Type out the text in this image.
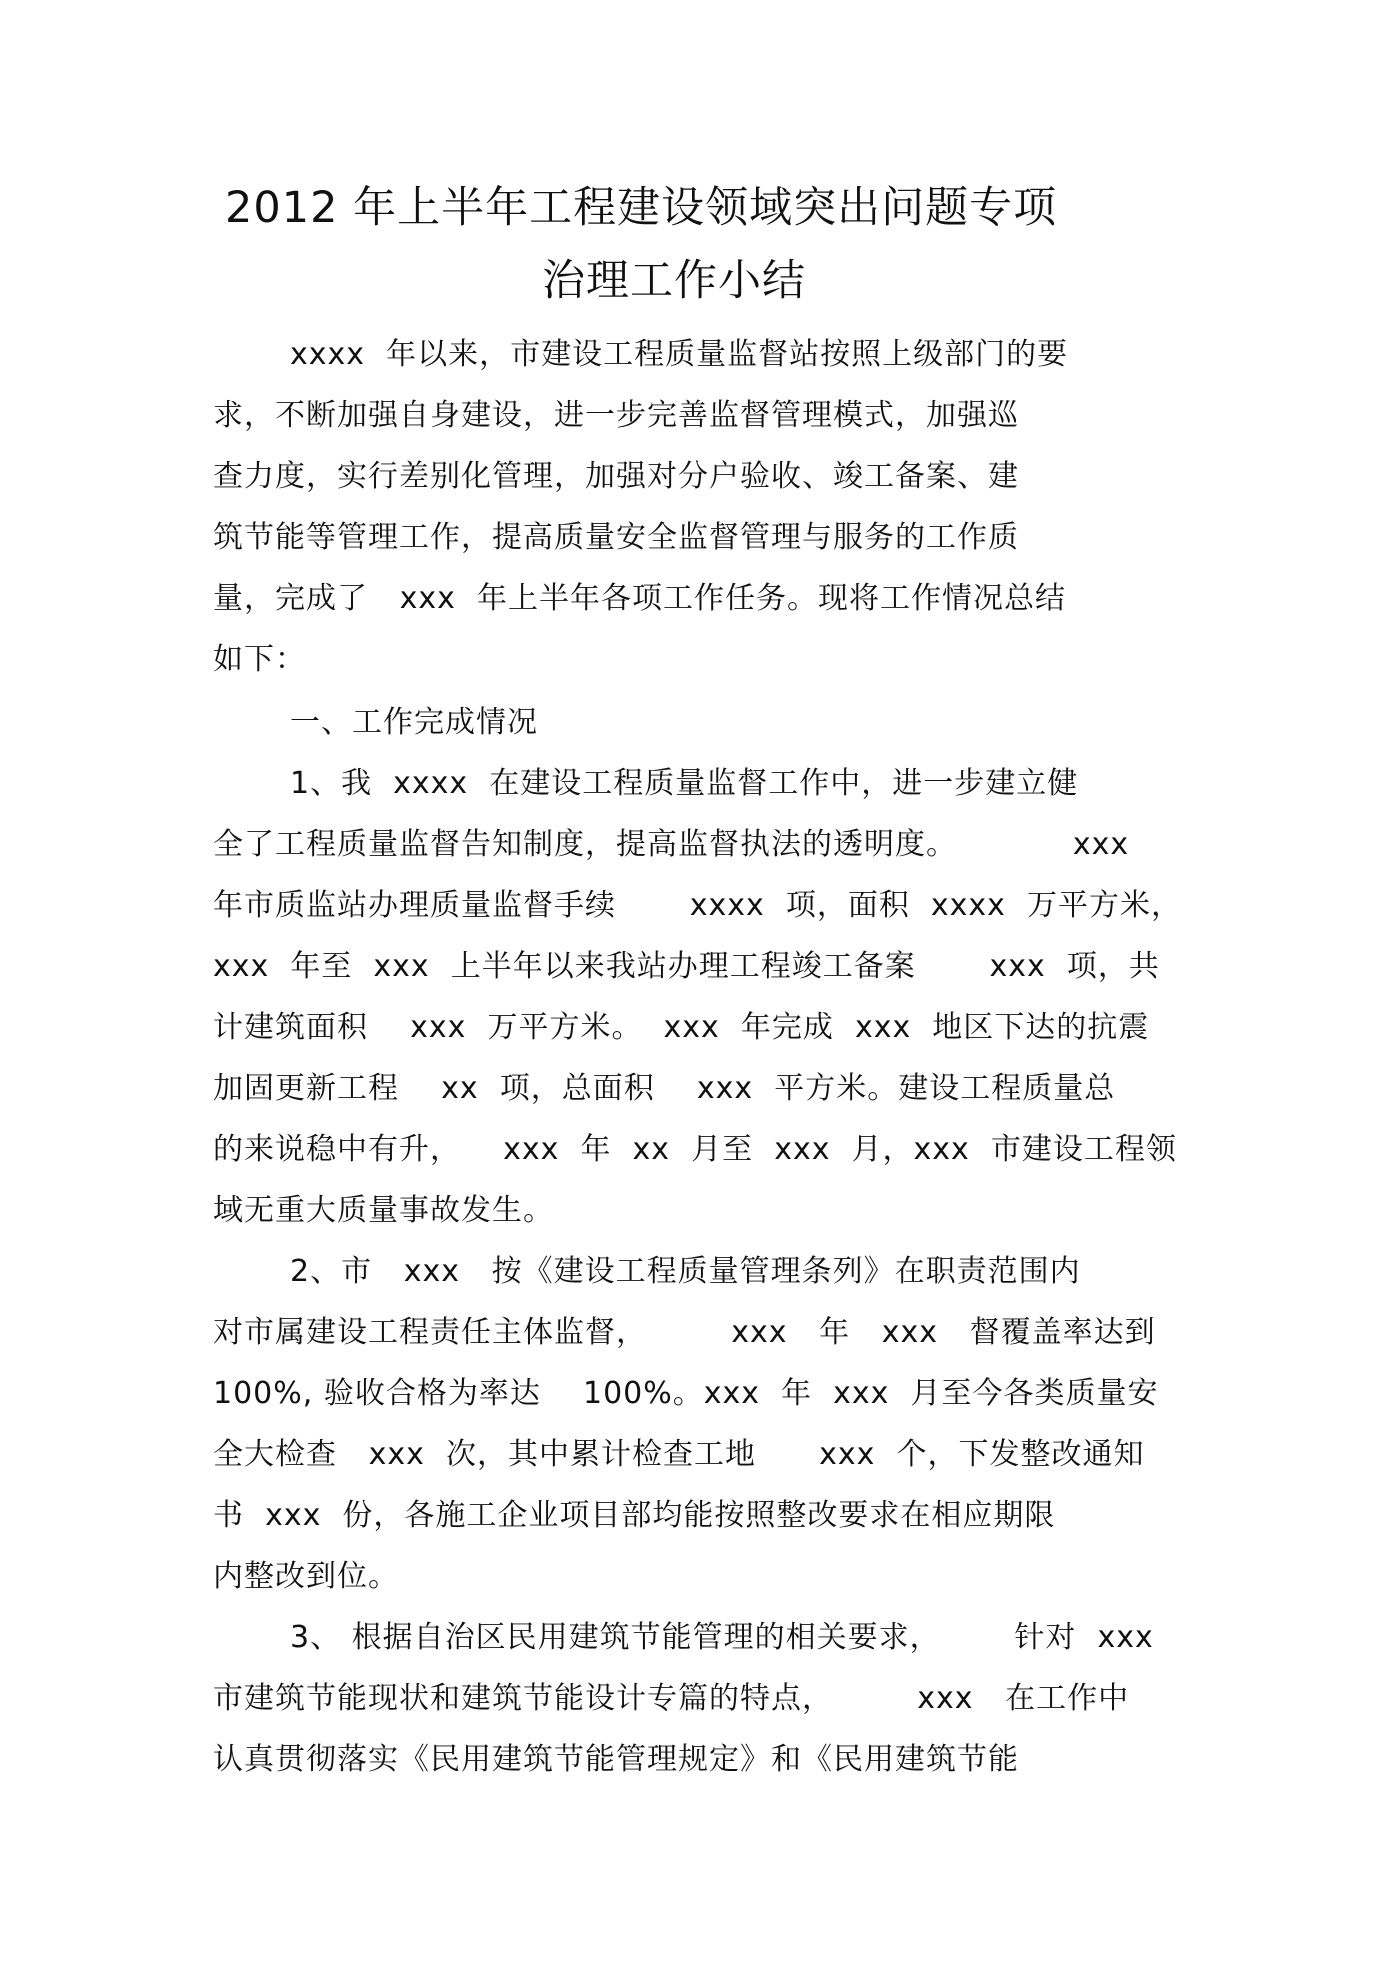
2012 年上半年工程建设领域突出问题专项
治理工作小结
xxxx  年以来，市建设工程质量监督站按照上级部门的要
求，不断加强自身建设，进一步完善监督管理模式，加强巡
查力度，实行差别化管理，加强对分户验收、竣工备案、建
筑节能等管理工作，提高质量安全监督管理与服务的工作质
量，完成了   xxx  年上半年各项工作任务。现将工作情况总结
如下：
一、工作完成情况
1、我  xxxx  在建设工程质量监督工作中，进一步建立健
全了工程质量监督告知制度，提高监督执法的透明度。           xxx
年市质监站办理质量监督手续       xxxx  项，面积  xxxx  万平方米，
xxx  年至  xxx  上半年以来我站办理工程竣工备案       xxx  项，共
计建筑面积    xxx  万平方米。  xxx  年完成  xxx  地区下达的抗震
加固更新工程    xx  项，总面积    xxx  平方米。建设工程质量总
的来说稳中有升，    xxx  年  xx  月至  xxx  月，xxx  市建设工程领
域无重大质量事故发生。
2、市   xxx   按《建设工程质量管理条列》在职责范围内
对市属建设工程责任主体监督，        xxx   年   xxx   督覆盖率达到
100%, 验收合格为率达    100%。xxx  年  xxx  月至今各类质量安
全大检查   xxx  次，其中累计检查工地      xxx  个，下发整改通知
书  xxx  份，各施工企业项目部均能按照整改要求在相应期限
内整改到位。
3、 根据自治区民用建筑节能管理的相关要求，       针对  xxx
市建筑节能现状和建筑节能设计专篇的特点，        xxx   在工作中
认真贯彻落实《民用建筑节能管理规定》和《民用建筑节能
